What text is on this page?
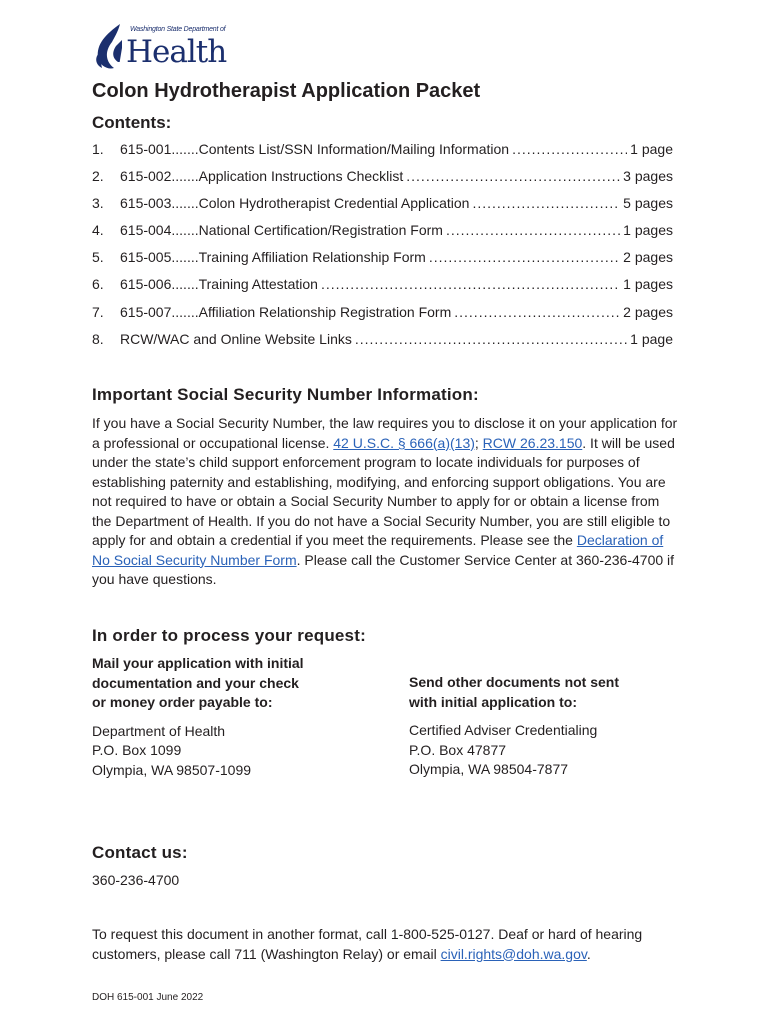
Washington State Department of
Health
Colon Hydrotherapist Application Packet
Contents:
1.	615-001.......Contents List/SSN Information/Mailing Information .....	1 page
2.	615-002.......Application Instructions Checklist .....	3 pages
3.	615-003.......Colon Hydrotherapist Credential Application .....	5 pages
4.	615-004.......National Certification/Registration Form .....	1 pages
5.	615-005.......Training Affiliation Relationship Form .....	2 pages
6.	615-006.......Training Attestation .....	1 pages
7.	615-007.......Affiliation Relationship Registration Form .....	2 pages
8.	RCW/WAC and Online Website Links .....	1 page
Important Social Security Number Information:

If you have a Social Security Number, the law requires you to disclose it on your application for a professional or occupational license. 42 U.S.C. § 666(a)(13); RCW 26.23.150. It will be used under the state’s child support enforcement program to locate individuals for purposes of establishing paternity and establishing, modifying, and enforcing support obligations. You are not required to have or obtain a Social Security Number to apply for or obtain a license from the Department of Health. If you do not have a Social Security Number, you are still eligible to apply for and obtain a credential if you meet the requirements. Please see the Declaration of No Social Security Number Form. Please call the Customer Service Center at 360-236-4700 if you have questions.

In order to process your request:
Mail your application with initial
documentation and your check
or money order payable to:
Department of Health
P.O. Box 1099
Olympia, WA 98507-1099
Send other documents not sent
with initial application to:
Certified Adviser Credentialing
P.O. Box 47877
Olympia, WA 98504-7877
Contact us:

360-236-4700

To request this document in another format, call 1-800-525-0127. Deaf or hard of hearing customers, please call 711 (Washington Relay) or email civil.rights@doh.wa.gov.

DOH 615-001 June 2022
